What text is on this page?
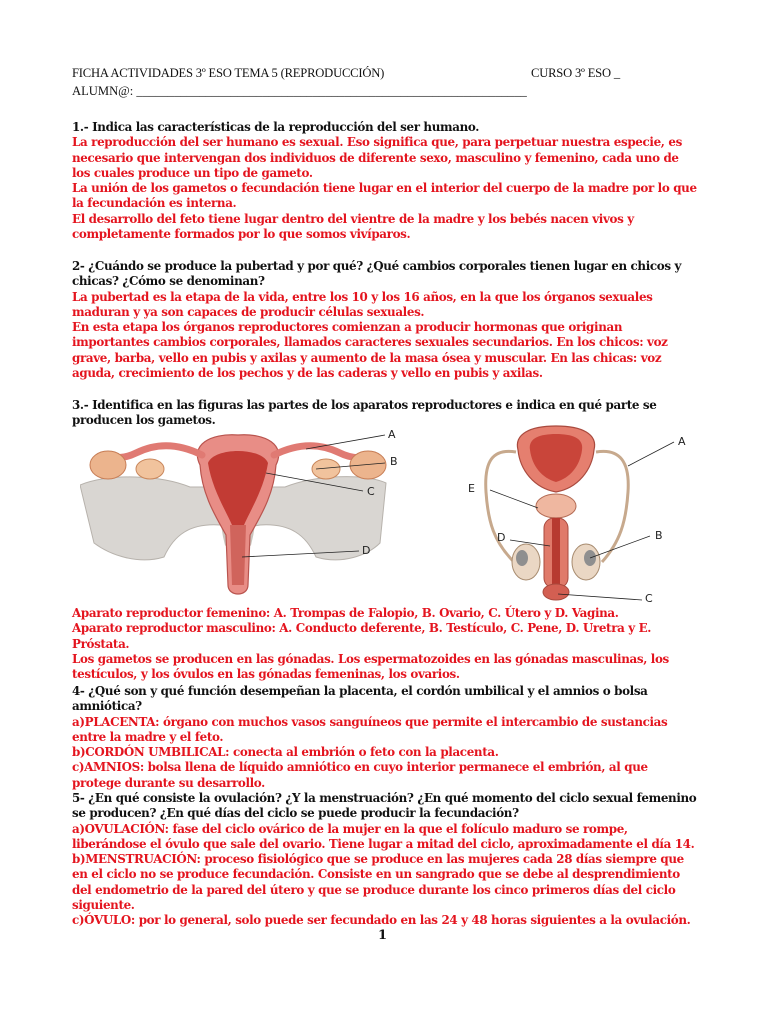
FICHA ACTIVIDADES 3º ESO TEMA 5 (REPRODUCCIÓN)	CURSO 3º ESO _
ALUMN@: ______________________________________________________________

1.- Indica las características de la reproducción del ser humano.

La reproducción del ser humano es sexual. Eso significa que, para perpetuar nuestra especie, es necesario que intervengan dos individuos de diferente sexo, masculino y femenino, cada uno de los cuales produce un tipo de gameto.

La unión de los gametos o fecundación tiene lugar en el interior del cuerpo de la madre por lo que la fecundación es interna.

El desarrollo del feto tiene lugar dentro del vientre de la madre y los bebés nacen vivos y completamente formados por lo que somos vivíparos.

2- ¿Cuándo se produce la pubertad y por qué? ¿Qué cambios corporales tienen lugar en chicos y chicas? ¿Cómo se denominan?

La pubertad es la etapa de la vida, entre los 10 y los 16 años, en la que los órganos sexuales maduran y ya son capaces de producir células sexuales.

En esta etapa los órganos reproductores comienzan a producir hormonas que originan importantes cambios corporales, llamados caracteres sexuales secundarios. En los chicos: voz grave, barba, vello en pubis y axilas y aumento de la masa ósea y muscular. En las chicas: voz aguda, crecimiento de los pechos y de las caderas y vello en pubis y axilas.

3.- Identifica en las figuras las partes de los aparatos reproductores e indica en qué parte se producen los gametos.

A
B
C
D
A
E
B
D
C

Aparato reproductor femenino: A. Trompas de Falopio, B. Ovario, C. Útero y D. Vagina.

Aparato reproductor masculino: A. Conducto deferente, B. Testículo, C. Pene, D. Uretra y E. Próstata.

Los gametos se producen en las gónadas. Los espermatozoides en las gónadas masculinas, los testículos, y los óvulos en las gónadas femeninas, los ovarios.

4- ¿Qué son y qué función desempeñan la placenta, el cordón umbilical y el amnios o bolsa amniótica?

a)PLACENTA: órgano con muchos vasos sanguíneos que permite el intercambio de sustancias entre la madre y el feto.

b)CORDÓN UMBILICAL: conecta al embrión o feto con la placenta.

c)AMNIOS: bolsa llena de líquido amniótico en cuyo interior permanece el embrión, al que protege durante su desarrollo.

5- ¿En qué consiste la ovulación? ¿Y la menstruación? ¿En qué momento del ciclo sexual femenino se producen? ¿En qué días del ciclo se puede producir la fecundación?

a)OVULACIÓN: fase del ciclo ovárico de la mujer en la que el folículo maduro se rompe, liberándose el óvulo que sale del ovario. Tiene lugar a mitad del ciclo, aproximadamente el día 14.

b)MENSTRUACIÓN: proceso fisiológico que se produce en las mujeres cada 28 días siempre que en el ciclo no se produce fecundación. Consiste en un sangrado que se debe al desprendimiento del endometrio de la pared del útero y que se produce durante los cinco primeros días del ciclo siguiente.

c)ÓVULO: por lo general, solo puede ser fecundado en las 24 y 48 horas siguientes a la ovulación.

1
